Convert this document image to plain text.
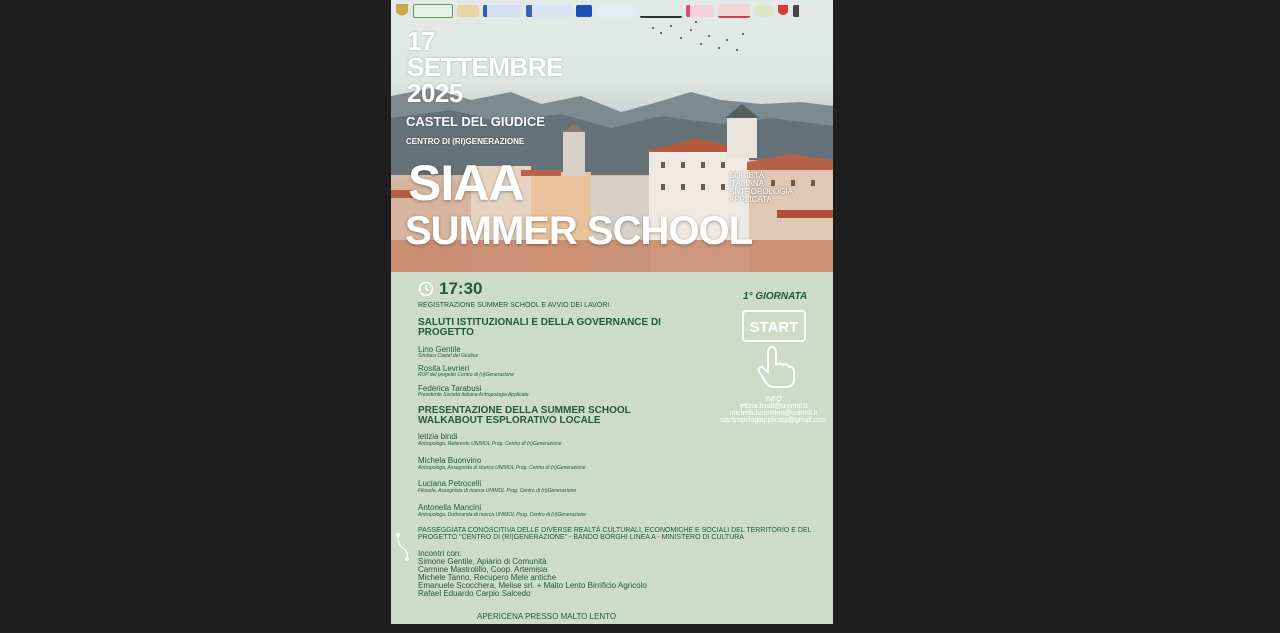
17
SETTEMBRE
2025
CASTEL DEL GIUDICE
CENTRO DI (RI)GENERAZIONE
SIAA	SOCIETÀ
ITALIANA
ANTROPOLOGIA
APPLICATA
SUMMER SCHOOL
17:30
REGISTRAZIONE SUMMER SCHOOL E AVVIO DEI LAVORI
SALUTI ISTITUZIONALI E DELLA GOVERNANCE DI
PROGETTO
Lino Gentile
Sindaco Castel del Giudice
Rosita Levrieri
RUP del progetto Centro di (ri)Generazione
Federica Tarabusi
Presidente Società Italiana Antropologia Applicata
PRESENTAZIONE DELLA SUMMER SCHOOL
WALKABOUT ESPLORATIVO LOCALE
letizia bindi
Antropologa, Referente UNIMOL Prog. Centro di (ri)Generazione
Michela Buonvino
Antropologa, Assegnista di ricerca UNIMOL Prog. Centro di (ri)Generazione
Luciana Petrocelli
Filosofa, Assegnista di ricerca UNIMOL Prog. Centro di (ri)Generazione
Antonella Mancini
Antropologa, Dottoranda di ricerca UNIMOL Prog. Centro di (ri)Generazione
1° GIORNATA
START
INFO
letizia.bindi@unimol.it
michela.buonvino@unimol.it
siantropologiapplicata@gmail.com
PASSEGGIATA CONOSCITIVA DELLE DIVERSE REALTÀ CULTURALI, ECONOMICHE E SOCIALI DEL TERRITORIO E DEL
PROGETTO "CENTRO DI (RI)GENERAZIONE" - BANDO BORGHI LINEA A - MINISTERO DI CULTURA
Incontri con:
Simone Gentile, Apiario di Comunità
Carmine Mastrolillo, Coop. Artemisia
Michele Tanno, Recupero Mele antiche
Emanuele Scocchera, Melise srl. + Malto Lento Birrificio Agricolo
Rafael Eduardo Carpio Salcedo
APERICENA PRESSO MALTO LENTO
